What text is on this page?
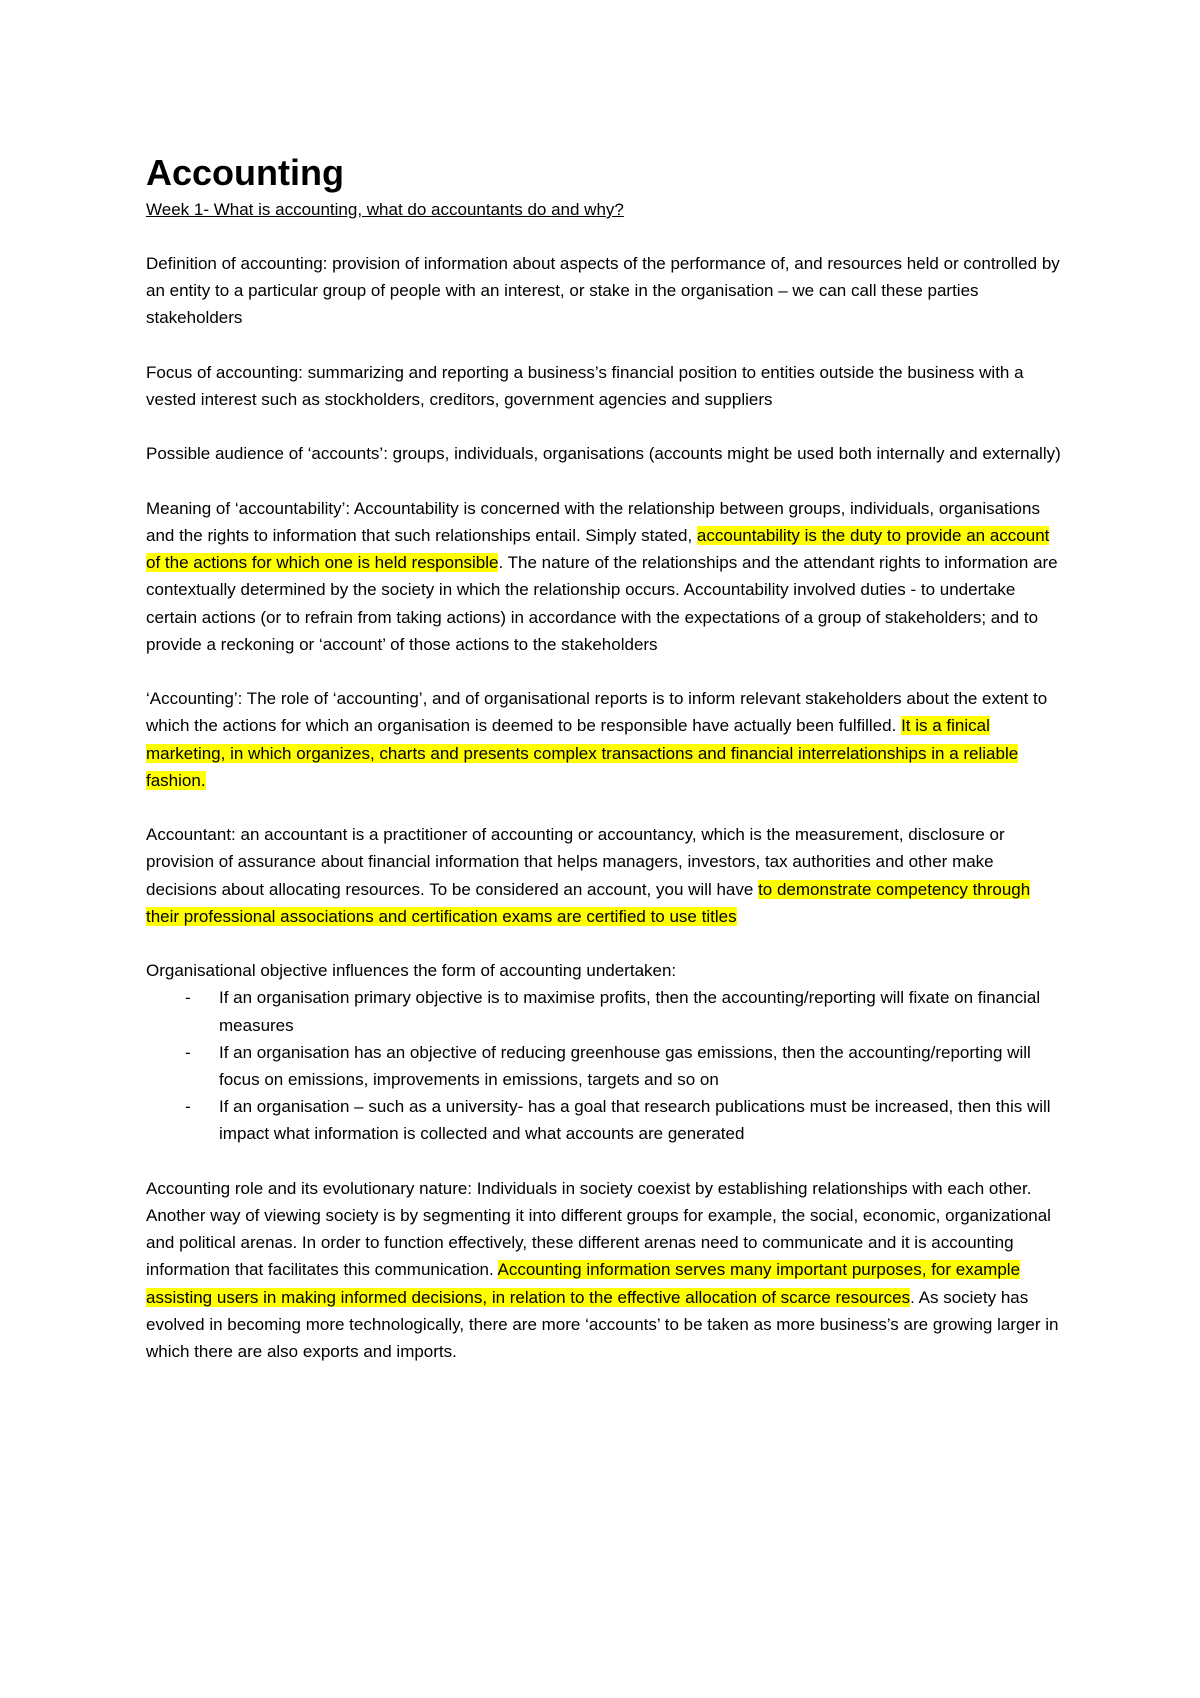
Accounting

Week 1- What is accounting, what do accountants do and why?

Definition of accounting: provision of information about aspects of the performance of, and resources held or controlled by an entity to a particular group of people with an interest, or stake in the organisation – we can call these parties stakeholders

Focus of accounting: summarizing and reporting a business’s financial position to entities outside the business with a vested interest such as stockholders, creditors, government agencies and suppliers

Possible audience of ‘accounts’: groups, individuals, organisations (accounts might be used both internally and externally)

Meaning of ‘accountability’: Accountability is concerned with the relationship between groups, individuals, organisations and the rights to information that such relationships entail. Simply stated, accountability is the duty to provide an account of the actions for which one is held responsible. The nature of the relationships and the attendant rights to information are contextually determined by the society in which the relationship occurs. Accountability involved duties - to undertake certain actions (or to refrain from taking actions) in accordance with the expectations of a group of stakeholders; and to provide a reckoning or ‘account’ of those actions to the stakeholders

‘Accounting’: The role of ‘accounting’, and of organisational reports is to inform relevant stakeholders about the extent to which the actions for which an organisation is deemed to be responsible have actually been fulfilled. It is a finical marketing, in which organizes, charts and presents complex transactions and financial interrelationships in a reliable fashion.

Accountant: an accountant is a practitioner of accounting or accountancy, which is the measurement, disclosure or provision of assurance about financial information that helps managers, investors, tax authorities and other make decisions about allocating resources. To be considered an account, you will have to demonstrate competency through their professional associations and certification exams are certified to use titles

Organisational objective influences the form of accounting undertaken:

- If an organisation primary objective is to maximise profits, then the accounting/reporting will fixate on financial measures
- If an organisation has an objective of reducing greenhouse gas emissions, then the accounting/reporting will focus on emissions, improvements in emissions, targets and so on
- If an organisation – such as a university- has a goal that research publications must be increased, then this will impact what information is collected and what accounts are generated

Accounting role and its evolutionary nature: Individuals in society coexist by establishing relationships with each other. Another way of viewing society is by segmenting it into different groups for example, the social, economic, organizational and political arenas. In order to function effectively, these different arenas need to communicate and it is accounting information that facilitates this communication. Accounting information serves many important purposes, for example assisting users in making informed decisions, in relation to the effective allocation of scarce resources. As society has evolved in becoming more technologically, there are more ‘accounts’ to be taken as more business’s are growing larger in which there are also exports and imports.
